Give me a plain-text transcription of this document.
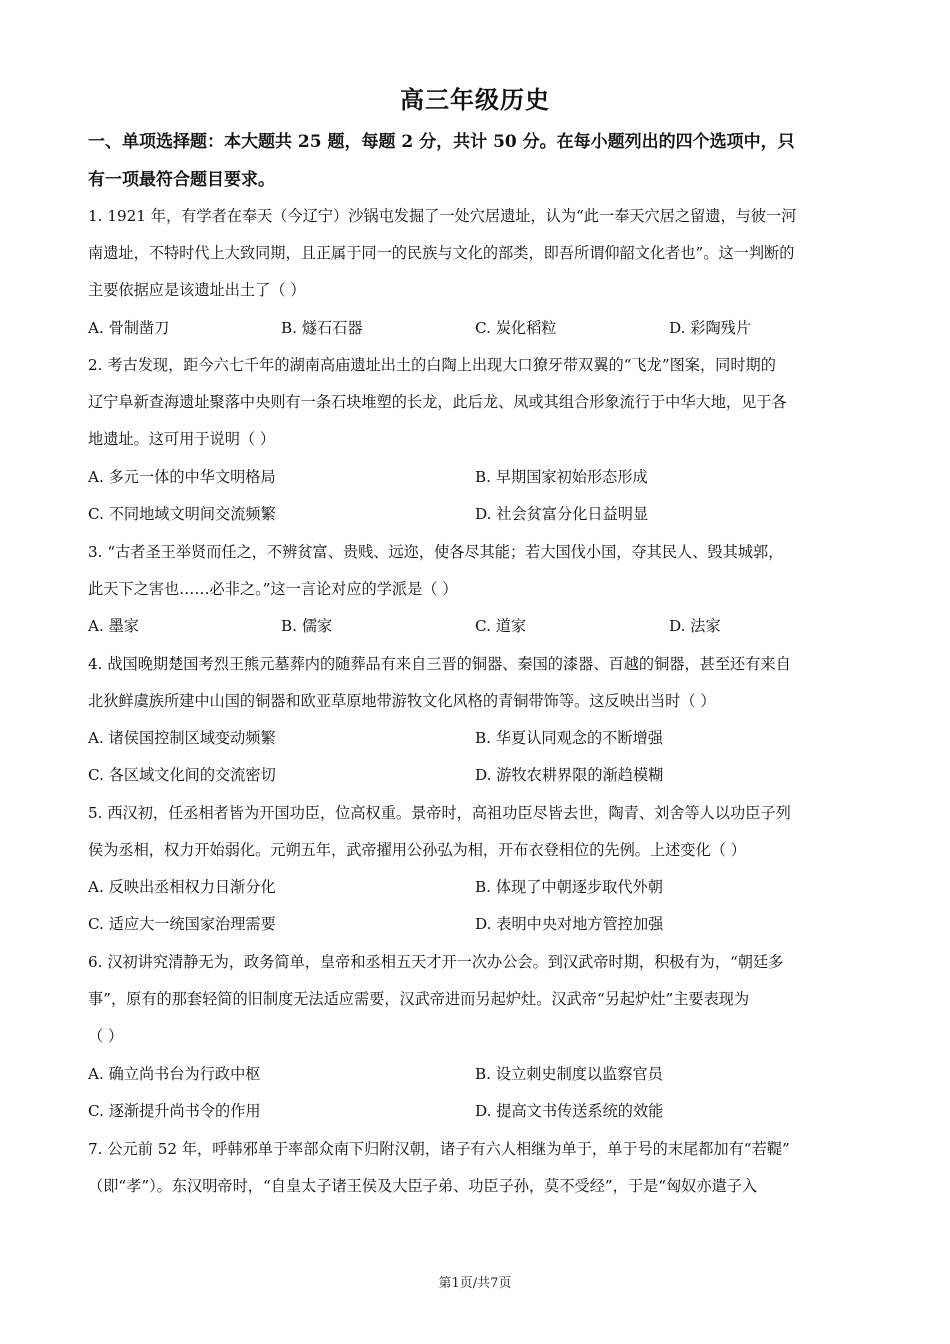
高三年级历史
一、单项选择题：本大题共 25 题，每题 2 分，共计 50 分。在每小题列出的四个选项中，只
有一项最符合题目要求。
1. 1921 年，有学者在奉天（今辽宁）沙锅屯发掘了一处穴居遗址，认为“此一奉天穴居之留遗，与彼一河
南遗址，不特时代上大致同期，且正属于同一的民族与文化的部类，即吾所谓仰韶文化者也”。这一判断的
主要依据应是该遗址出土了（ ）
A. 骨制凿刀	B. 燧石石器	C. 炭化稻粒	D. 彩陶残片
2. 考古发现，距今六七千年的湖南高庙遗址出土的白陶上出现大口獠牙带双翼的“飞龙”图案，同时期的
辽宁阜新查海遗址聚落中央则有一条石块堆塑的长龙，此后龙、凤或其组合形象流行于中华大地，见于各
地遗址。这可用于说明（ ）
A. 多元一体的中华文明格局	B. 早期国家初始形态形成
C. 不同地域文明间交流频繁	D. 社会贫富分化日益明显
3. “古者圣王举贤而任之，不辨贫富、贵贱、远迩，使各尽其能；若大国伐小国，夺其民人、毁其城郭，
此天下之害也……必非之。”这一言论对应的学派是（ ）
A. 墨家	B. 儒家	C. 道家	D. 法家
4. 战国晚期楚国考烈王熊元墓葬内的随葬品有来自三晋的铜器、秦国的漆器、百越的铜器，甚至还有来自
北狄鲜虞族所建中山国的铜器和欧亚草原地带游牧文化风格的青铜带饰等。这反映出当时（ ）
A. 诸侯国控制区域变动频繁	B. 华夏认同观念的不断增强
C. 各区域文化间的交流密切	D. 游牧农耕界限的渐趋模糊
5. 西汉初，任丞相者皆为开国功臣，位高权重。景帝时，高祖功臣尽皆去世，陶青、刘舍等人以功臣子列
侯为丞相，权力开始弱化。元朔五年，武帝擢用公孙弘为相，开布衣登相位的先例。上述变化（ ）
A. 反映出丞相权力日渐分化	B. 体现了中朝逐步取代外朝
C. 适应大一统国家治理需要	D. 表明中央对地方管控加强
6. 汉初讲究清静无为，政务简单，皇帝和丞相五天才开一次办公会。到汉武帝时期，积极有为，“朝廷多
事”，原有的那套轻简的旧制度无法适应需要，汉武帝进而另起炉灶。汉武帝“另起炉灶”主要表现为
（ ）
A. 确立尚书台为行政中枢	B. 设立刺史制度以监察官员
C. 逐渐提升尚书令的作用	D. 提高文书传送系统的效能
7. 公元前 52 年，呼韩邪单于率部众南下归附汉朝，诸子有六人相继为单于，单于号的末尾都加有“若鞮”
（即“孝”）。东汉明帝时，“自皇太子诸王侯及大臣子弟、功臣子孙，莫不受经”，于是“匈奴亦遣子入
第1页/共7页
